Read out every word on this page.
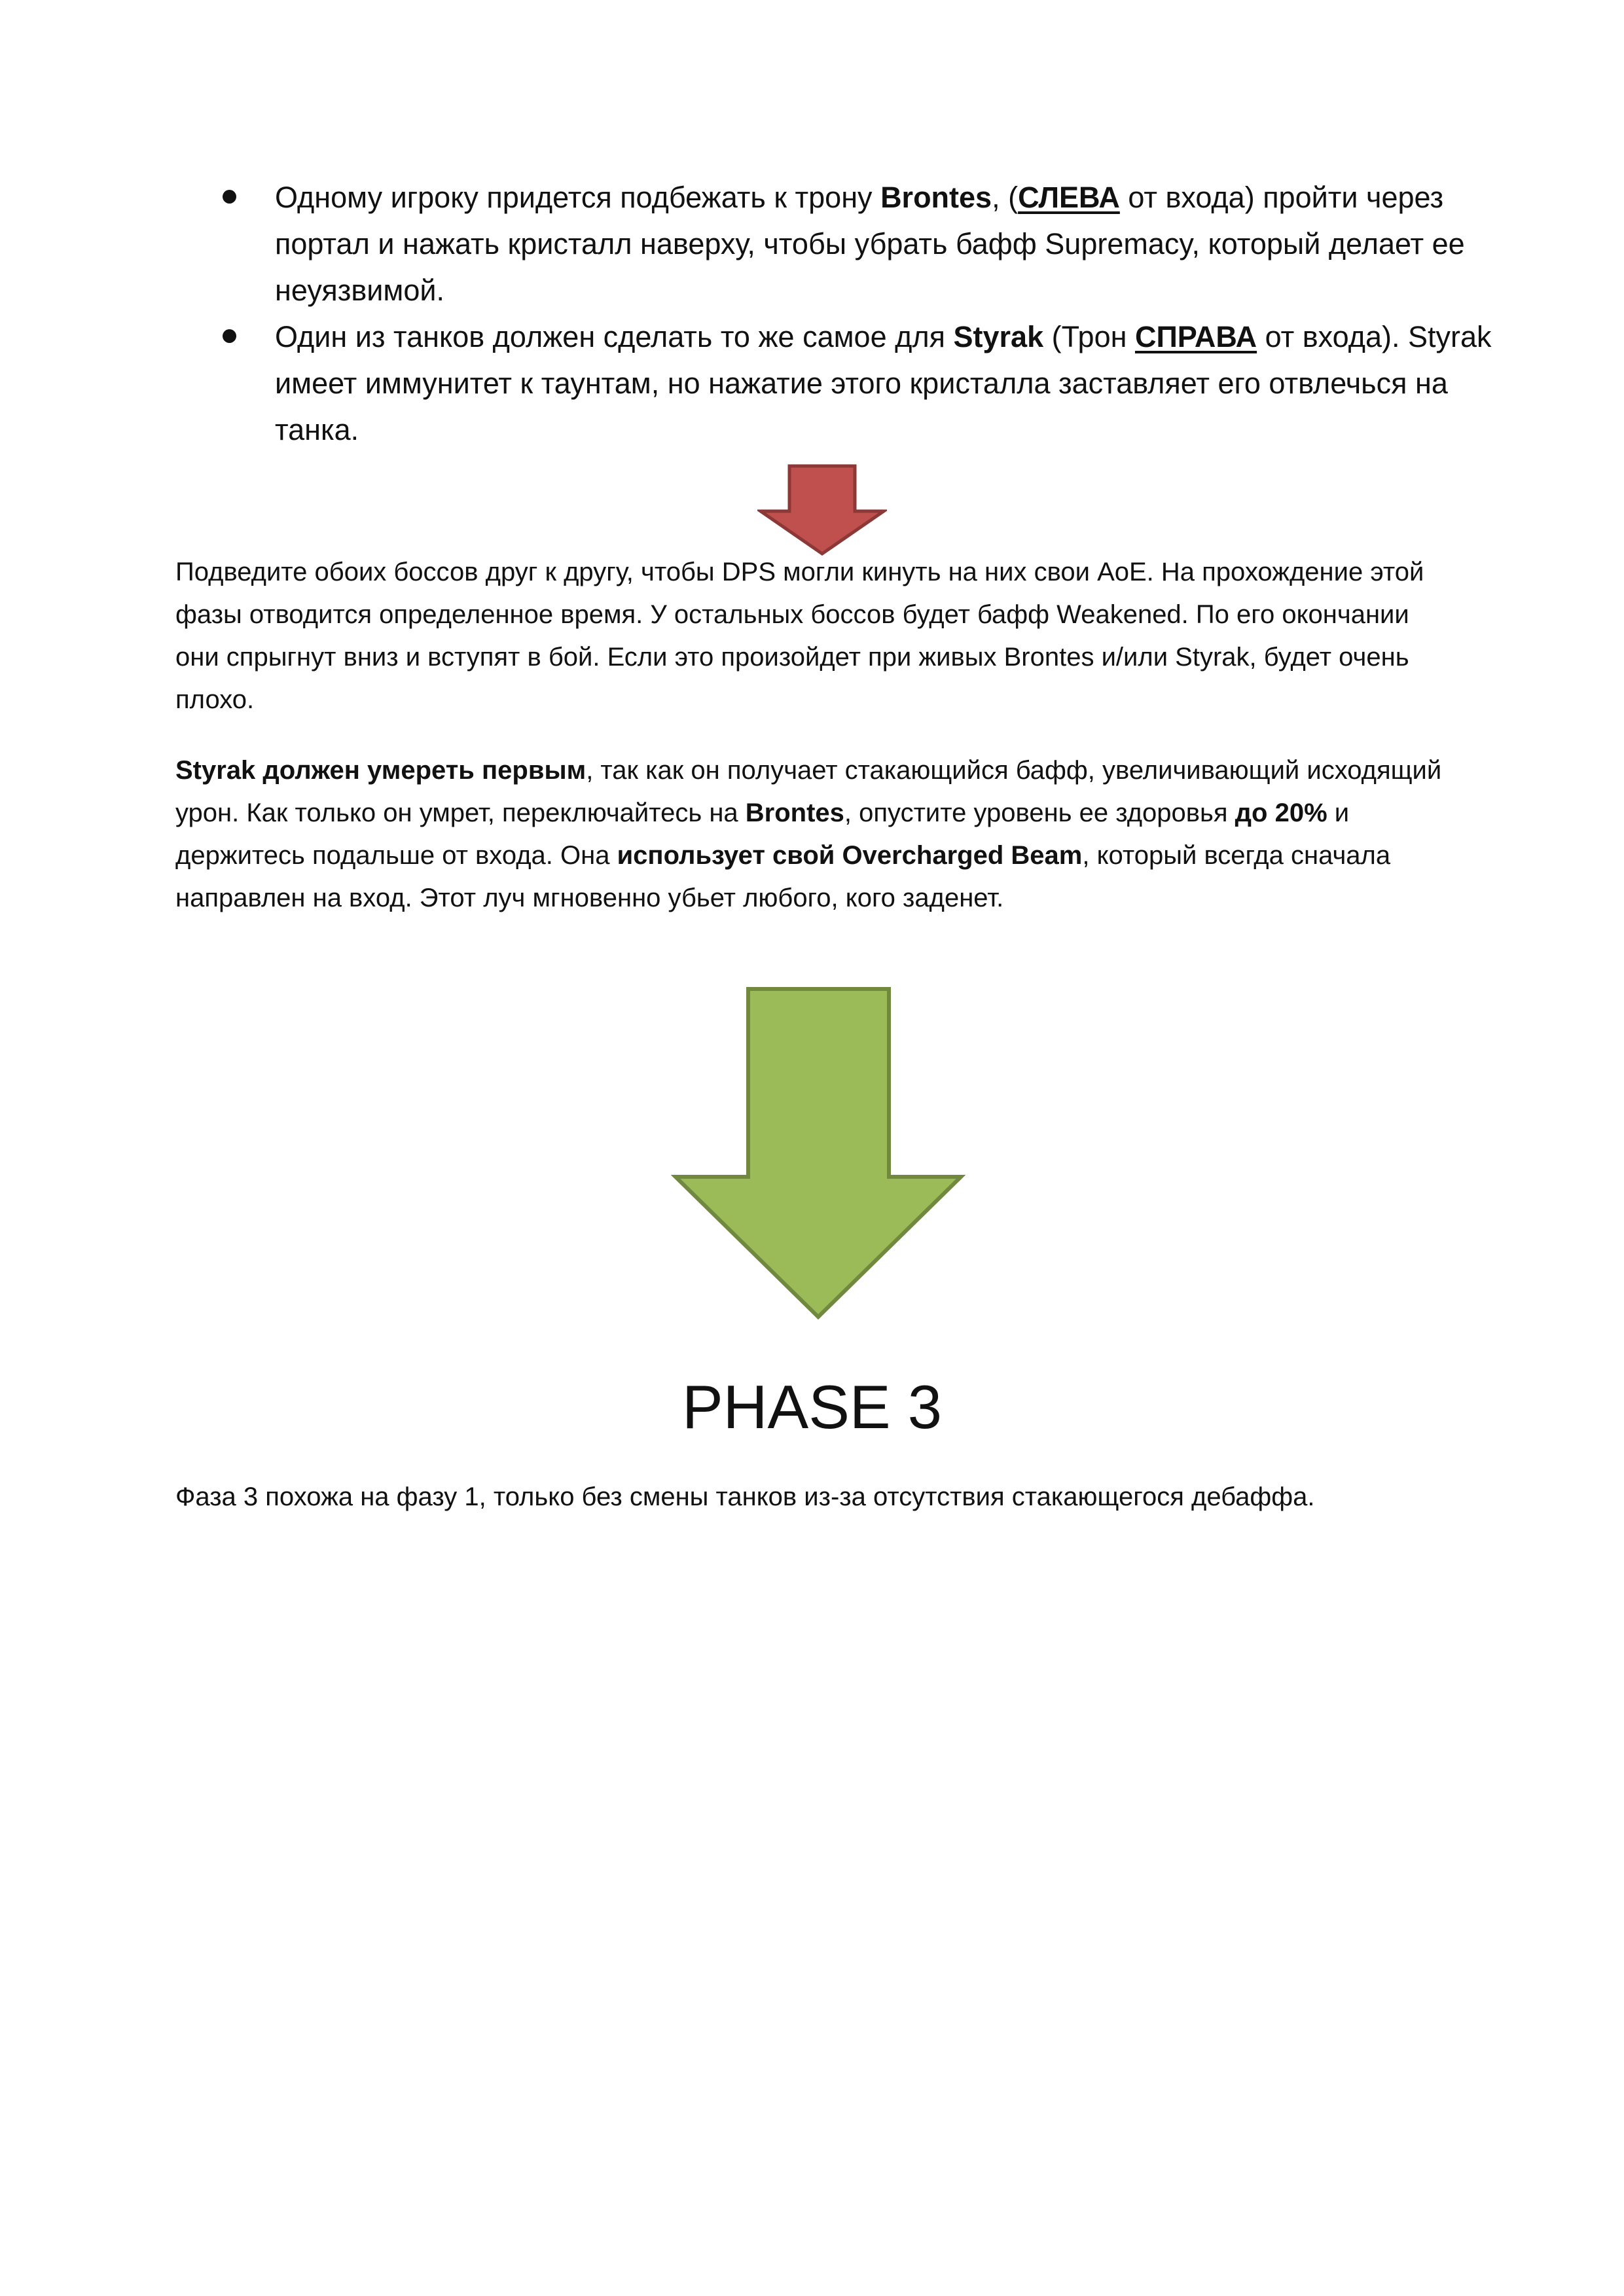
Одному игроку придется подбежать к трону Brontes, (СЛЕВА от входа) пройти через портал и нажать кристалл наверху, чтобы убрать бафф Supremacy, который делает ее неуязвимой.
Один из танков должен сделать то же самое для Styrak (Трон СПРАВА от входа). Styrak имеет иммунитет к таунтам, но нажатие этого кристалла заставляет его отвлечься на танка.

Подведите обоих боссов друг к другу, чтобы DPS могли кинуть на них свои AoE. На прохождение этой фазы отводится определенное время. У остальных боссов будет бафф Weakened. По его окончании они спрыгнут вниз и вступят в бой. Если это произойдет при живых Brontes и/или Styrak, будет очень плохо.

Styrak должен умереть первым, так как он получает стакающийся бафф, увеличивающий исходящий урон. Как только он умрет, переключайтесь на Brontes, опустите уровень ее здоровья до 20% и держитесь подальше от входа. Она использует свой Overcharged Beam, который всегда сначала направлен на вход. Этот луч мгновенно убьет любого, кого заденет.

PHASE 3

Фаза 3 похожа на фазу 1, только без смены танков из-за отсутствия стакающегося дебаффа.
